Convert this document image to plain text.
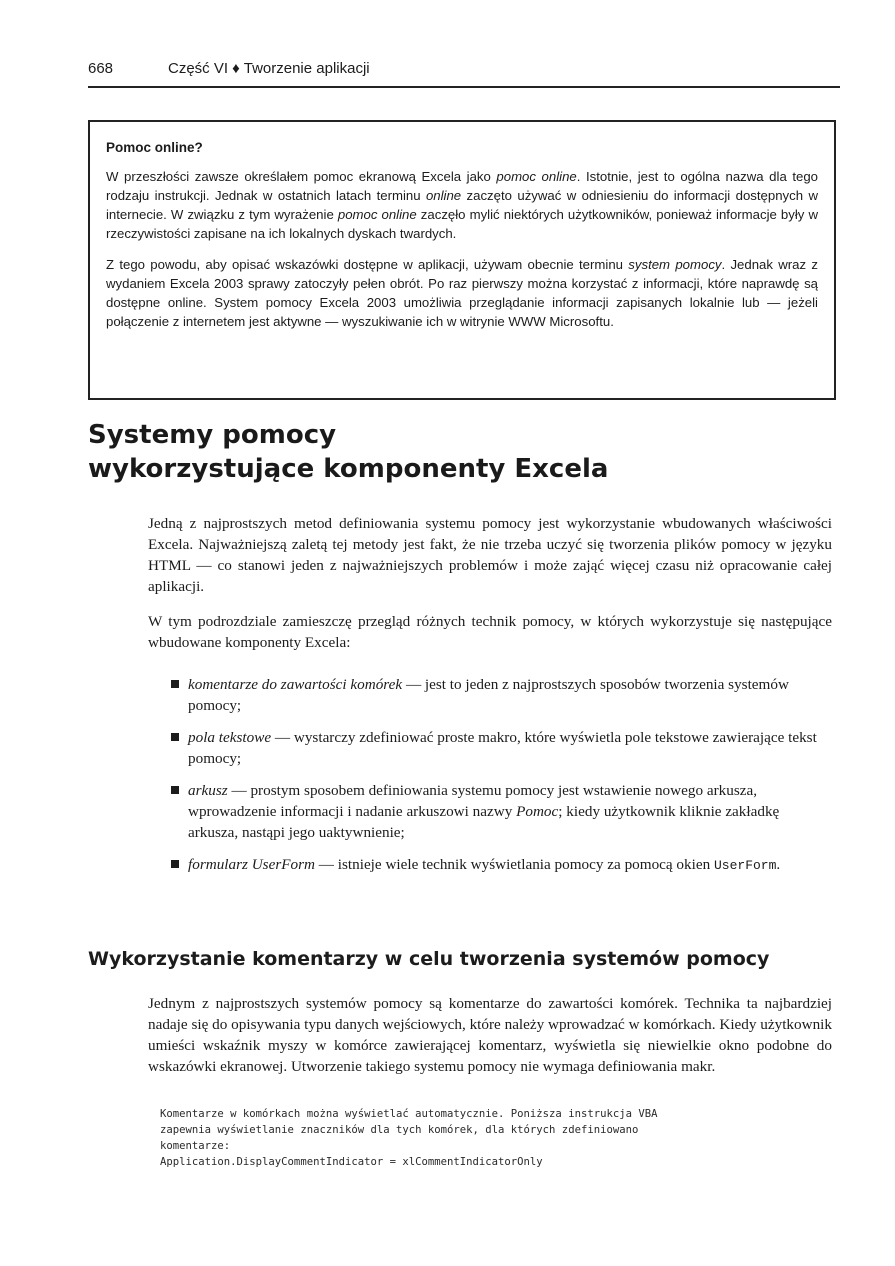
668	Część VI ♦ Tworzenie aplikacji
Pomoc online?

W przeszłości zawsze określałem pomoc ekranową Excela jako pomoc online. Istotnie, jest to ogólna nazwa dla tego rodzaju instrukcji. Jednak w ostatnich latach terminu online zaczęto używać w odniesieniu do informacji dostępnych w internecie. W związku z tym wyrażenie pomoc online zaczęło mylić niektórych użytkowników, ponieważ informacje były w rzeczywistości zapisane na ich lokalnych dyskach twardych.

Z tego powodu, aby opisać wskazówki dostępne w aplikacji, używam obecnie terminu system pomocy. Jednak wraz z wydaniem Excela 2003 sprawy zatoczyły pełen obrót. Po raz pierwszy można korzystać z informacji, które naprawdę są dostępne online. System pomocy Excela 2003 umożliwia przeglądanie informacji zapisanych lokalnie lub — jeżeli połączenie z internetem jest aktywne — wyszukiwanie ich w witrynie WWW Microsoftu.

Systemy pomocy
wykorzystujące komponenty Excela

Jedną z najprostszych metod definiowania systemu pomocy jest wykorzystanie wbudowanych właściwości Excela. Najważniejszą zaletą tej metody jest fakt, że nie trzeba uczyć się tworzenia plików pomocy w języku HTML — co stanowi jeden z najważniejszych problemów i może zająć więcej czasu niż opracowanie całej aplikacji.

W tym podrozdziale zamieszczę przegląd różnych technik pomocy, w których wykorzystuje się następujące wbudowane komponenty Excela:

komentarze do zawartości komórek — jest to jeden z najprostszych sposobów tworzenia systemów pomocy;
pola tekstowe — wystarczy zdefiniować proste makro, które wyświetla pole tekstowe zawierające tekst pomocy;
arkusz — prostym sposobem definiowania systemu pomocy jest wstawienie nowego arkusza, wprowadzenie informacji i nadanie arkuszowi nazwy Pomoc; kiedy użytkownik kliknie zakładkę arkusza, nastąpi jego uaktywnienie;
formularz UserForm — istnieje wiele technik wyświetlania pomocy za pomocą okien UserForm.
Wykorzystanie komentarzy w celu tworzenia systemów pomocy

Jednym z najprostszych systemów pomocy są komentarze do zawartości komórek. Technika ta najbardziej nadaje się do opisywania typu danych wejściowych, które należy wprowadzać w komórkach. Kiedy użytkownik umieści wskaźnik myszy w komórce zawierającej komentarz, wyświetla się niewielkie okno podobne do wskazówki ekranowej. Utworzenie takiego systemu pomocy nie wymaga definiowania makr.

Komentarze w komórkach można wyświetlać automatycznie. Poniższa instrukcja VBA
zapewnia wyświetlanie znaczników dla tych komórek, dla których zdefiniowano
komentarze:
Application.DisplayCommentIndicator = xlCommentIndicatorOnly
